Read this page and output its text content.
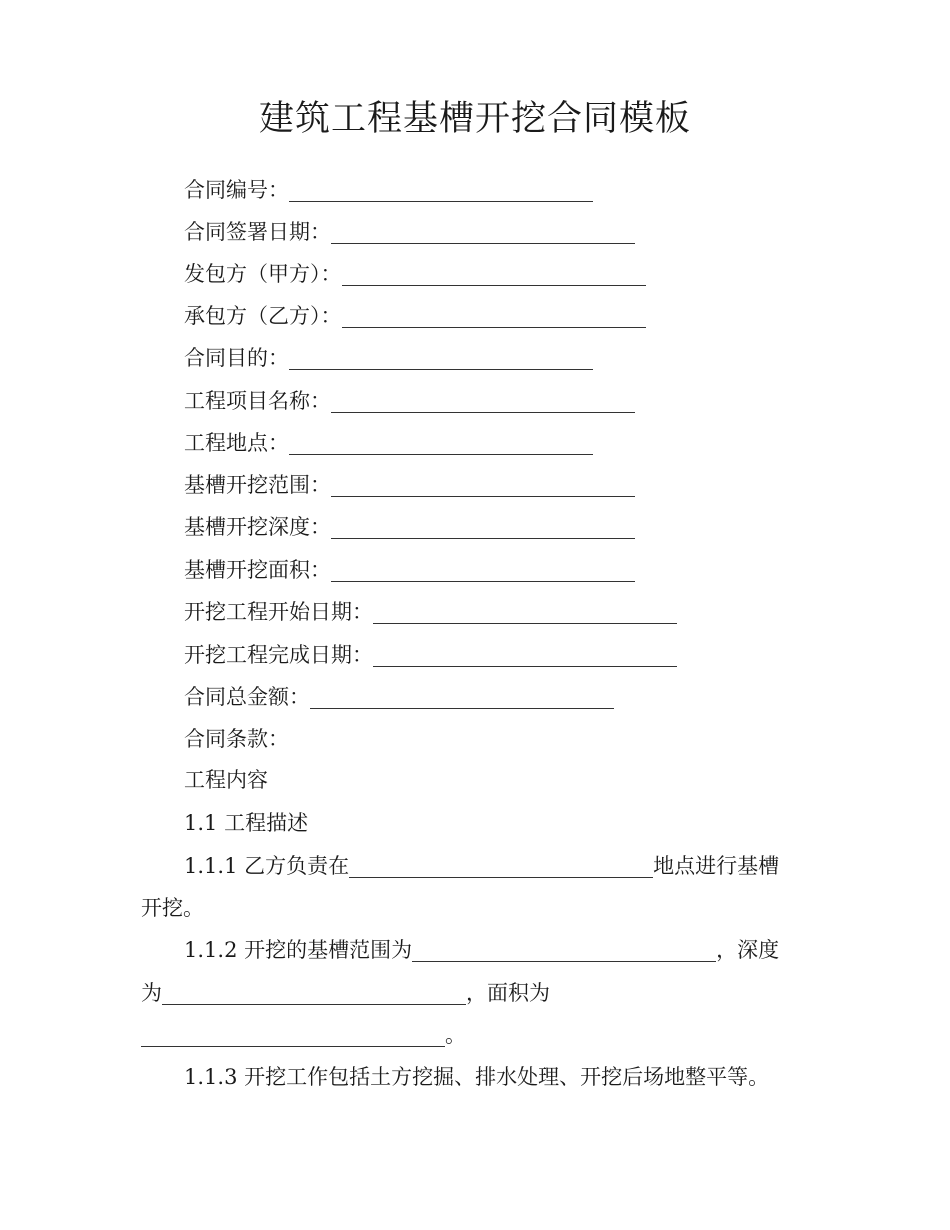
建筑工程基槽开挖合同模板
合同编号：
合同签署日期：
发包方（甲方）：
承包方（乙方）：
合同目的：
工程项目名称：
工程地点：
基槽开挖范围：
基槽开挖深度：
基槽开挖面积：
开挖工程开始日期：
开挖工程完成日期：
合同总金额：
合同条款：
工程内容
1.1 工程描述
1.1.1 乙方负责在	地点进行基槽
开挖。
1.1.2 开挖的基槽范围为	，深度
为	，面积为
。
1.1.3 开挖工作包括土方挖掘、排水处理、开挖后场地整平等。
